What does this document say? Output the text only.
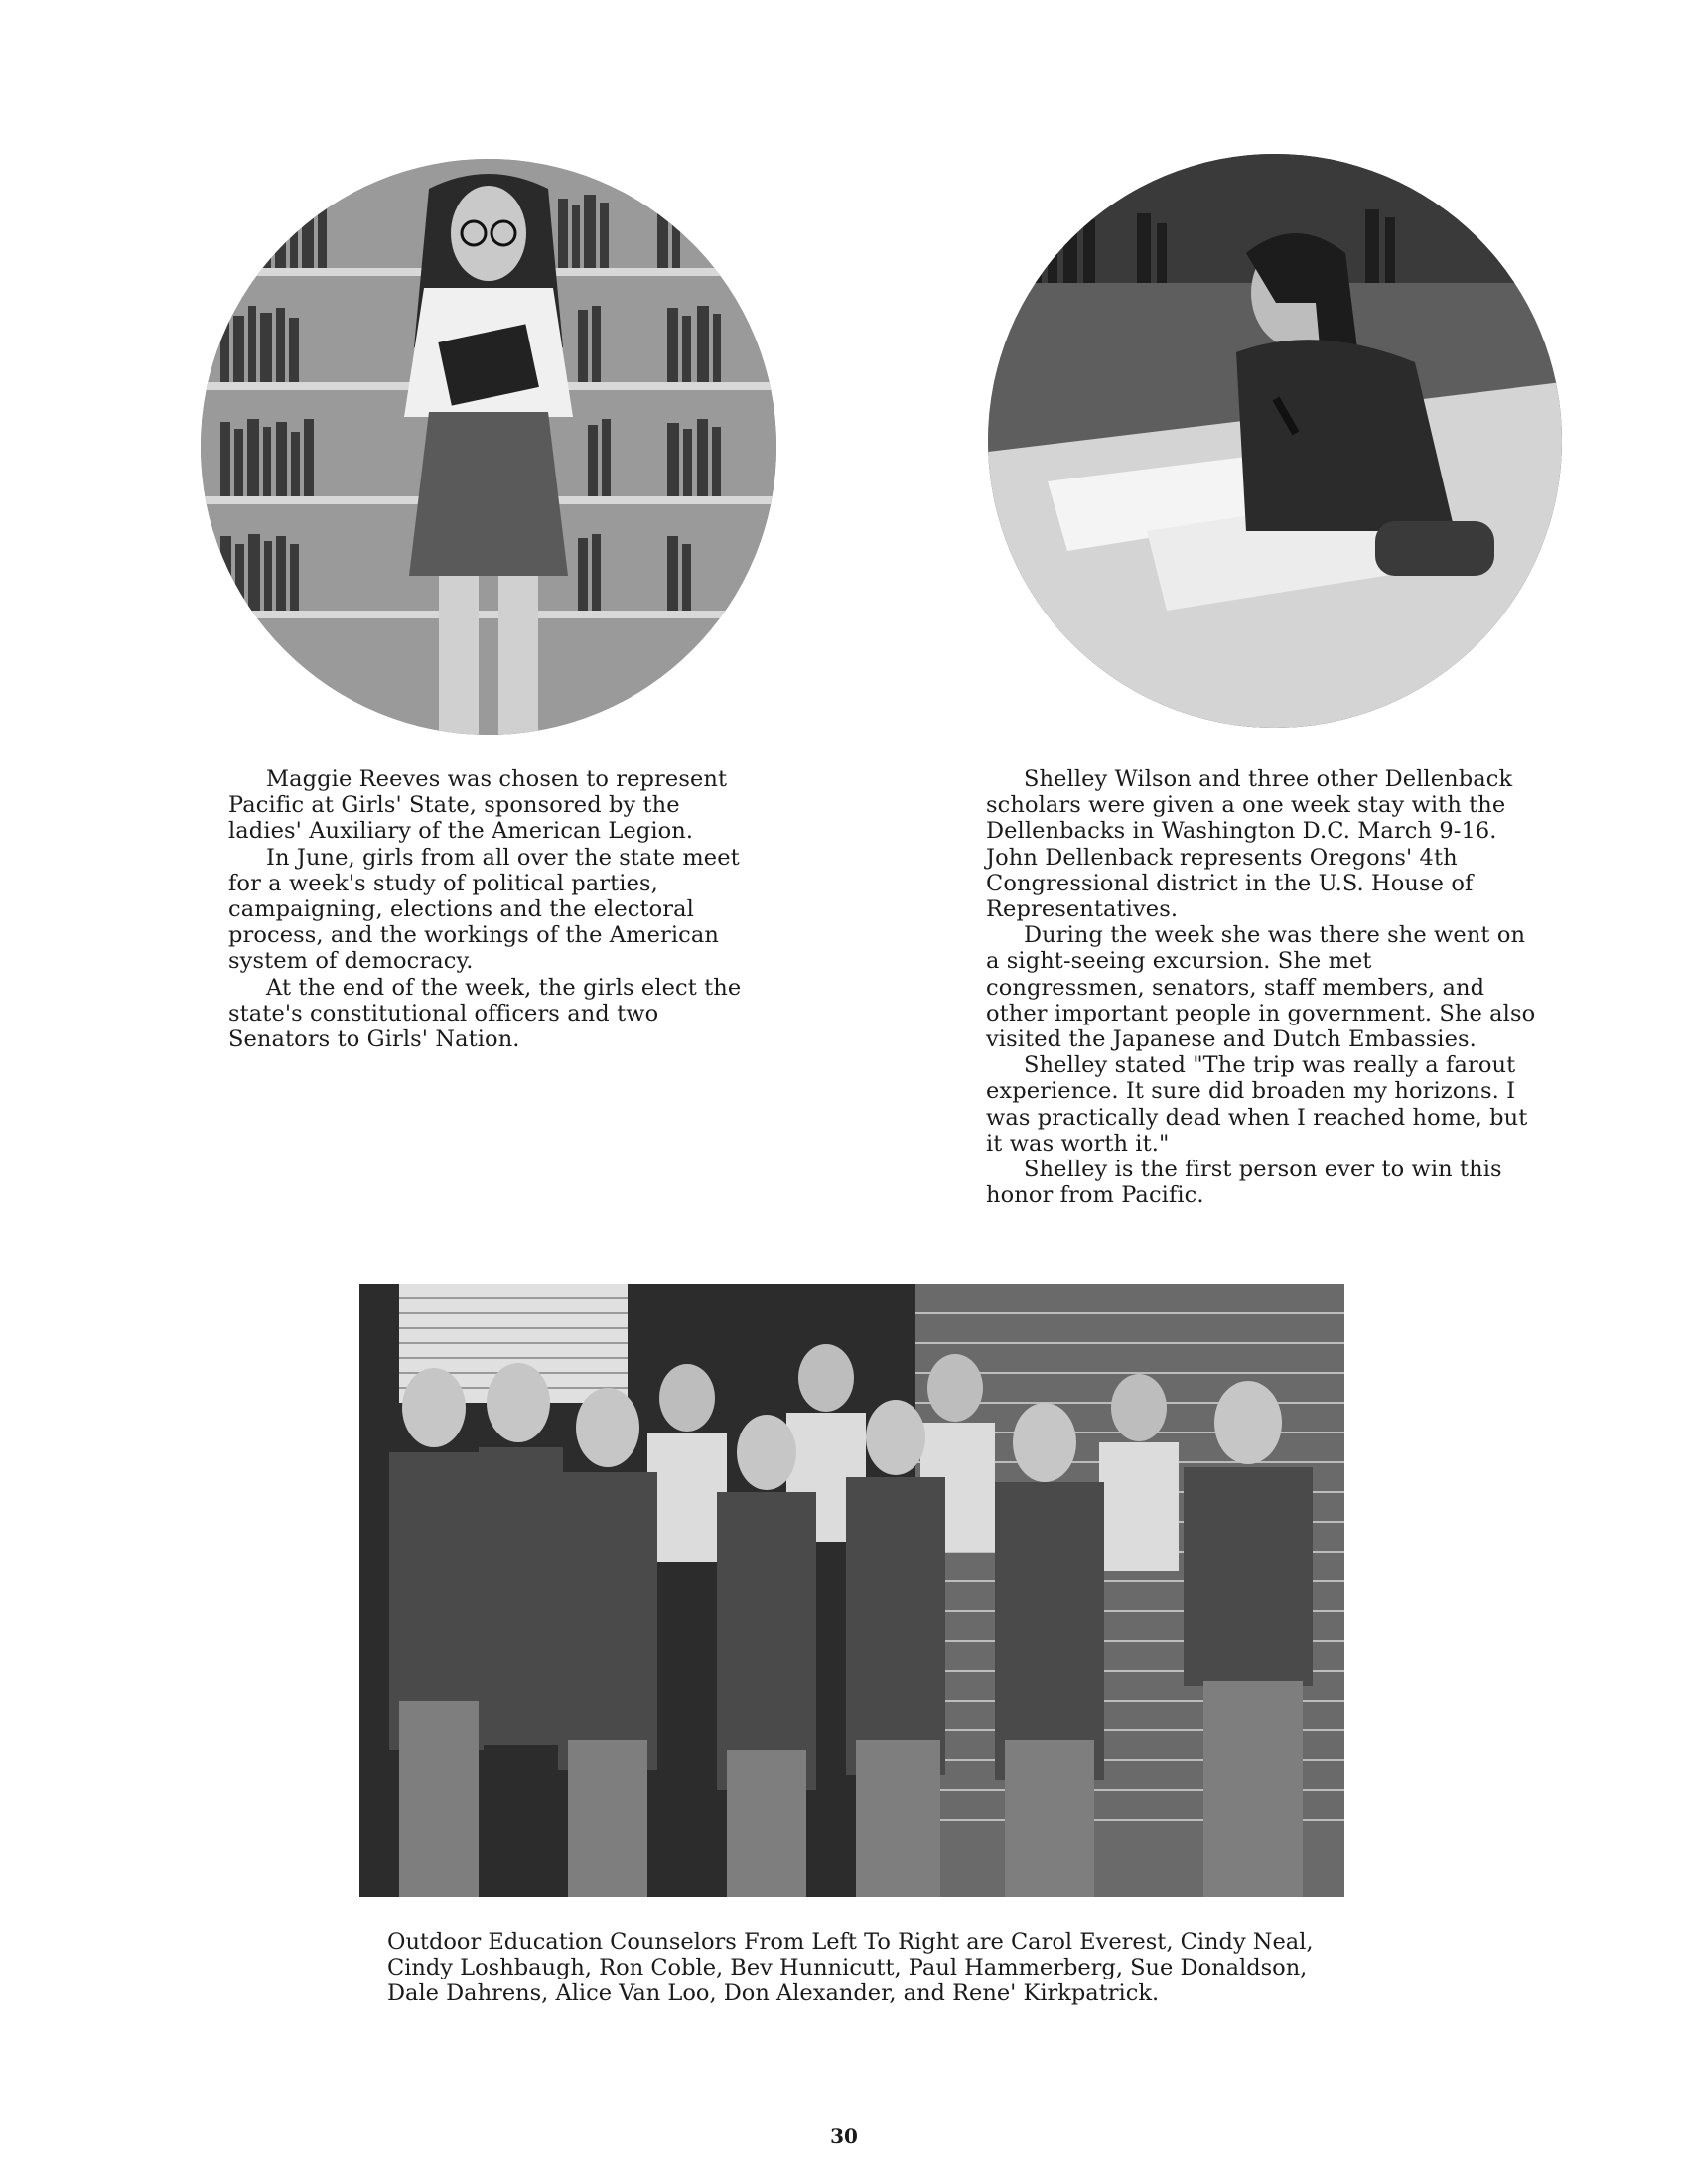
Maggie Reeves was chosen to represent Pacific at Girls' State, sponsored by the ladies' Auxiliary of the American Legion.

In June, girls from all over the state meet for a week's study of political parties, campaigning, elections and the electoral process, and the workings of the American system of democracy.

At the end of the week, the girls elect the state's constitutional officers and two Senators to Girls' Nation.

Shelley Wilson and three other Dellenback scholars were given a one week stay with the Dellenbacks in Washington D.C. March 9-16. John Dellenback represents Oregons' 4th Congressional district in the U.S. House of Representatives.

During the week she was there she went on a sight-seeing excursion. She met congressmen, senators, staff members, and other important people in government. She also visited the Japanese and Dutch Embassies.

Shelley stated "The trip was really a farout experience. It sure did broaden my horizons. I was practically dead when I reached home, but it was worth it."

Shelley is the first person ever to win this honor from Pacific.

Outdoor Education Counselors From Left To Right are Carol Everest, Cindy Neal, Cindy Loshbaugh, Ron Coble, Bev Hunnicutt, Paul Hammerberg, Sue Donaldson, Dale Dahrens, Alice Van Loo, Don Alexander, and Rene' Kirkpatrick.

30
